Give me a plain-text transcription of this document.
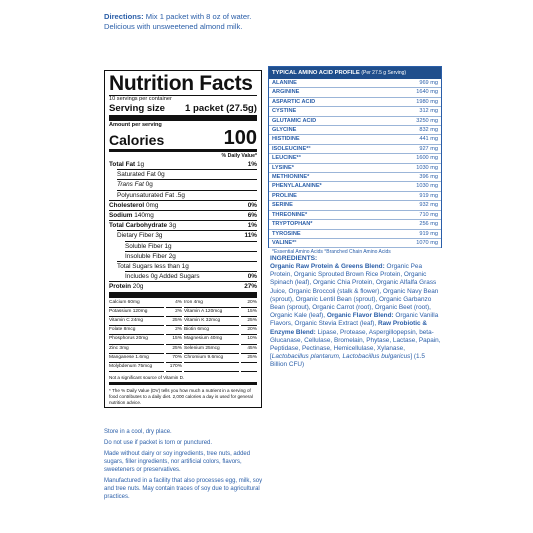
Directions: Mix 1 packet with 8 oz of water. Delicious with unsweetened almond milk.
Nutrition Facts
10 servings per container
Serving size 1 packet (27.5g)
Amount per serving
Calories	100
% Daily Value*
Total Fat 1g	1%
Saturated Fat 0g
Trans Fat 0g
Polyunsaturated Fat .5g
Cholesterol 0mg	0%
Sodium 140mg	6%
Total Carbohydrate 3g	1%
Dietary Fiber 3g	11%
Soluble Fiber 1g
Insoluble Fiber 2g
Total Sugars less than 1g
Includes 0g Added Sugars	0%
Protein 20g	27%
Calcium 60mg	4% Iron 4mg	20%
Potassium 120mg	2% Vitamin A 120mcg	15%
Vitamin C 24mg	25% Vitamin K 32mcg	25%
Folate 8mcg	2% Biotin 6mcg	20%
Phosphorus 20mg	15% Magnesium 40mg	10%
Zinc 3mg	25% Selenium 25mcg	45%
Manganese 1.6mg	70% Chromium 9.6mcg	25%
Molybdenum 75mcg	170%
Not a significant source of Vitamin D.
* The % Daily Value (DV) tells you how much a nutrient in a serving of food contributes to a daily diet. 2,000 calories a day is used for general nutrition advice.

Store in a cool, dry place.

Do not use if packet is torn or punctured.

Made without dairy or soy ingredients, tree nuts, added sugars, filler ingredients, nor artificial colors, flavors, sweeteners or preservatives.

Manufactured in a facility that also processes egg, milk, soy and tree nuts. May contain traces of soy due to agricultural practices.

TYPICAL AMINO ACID PROFILE (Per 27.5 g Serving)
ALANINE	969 mg
ARGININE	1640 mg
ASPARTIC ACID	1980 mg
CYSTINE	312 mg
GLUTAMIC ACID	3250 mg
GLYCINE	832 mg
HISTIDINE	441 mg
ISOLEUCINE*°	927 mg
LEUCINE*°	1600 mg
LYSINE*	1030 mg
METHIONINE*	396 mg
PHENYLALANINE*	1030 mg
PROLINE	919 mg
SERINE	932 mg
THREONINE*	710 mg
TRYPTOPHAN*	256 mg
TYROSINE	919 mg
VALINE*°	1070 mg
*Essential Amino Acids °Branched Chain Amino Acids
INGREDIENTS:
Organic Raw Protein & Greens Blend: Organic Pea Protein, Organic Sprouted Brown Rice Protein, Organic Spinach (leaf), Organic Chia Protein, Organic Alfalfa Grass Juice, Organic Broccoli (stalk & flower), Organic Navy Bean (sprout), Organic Lentil Bean (sprout), Organic Garbanzo Bean (sprout), Organic Carrot (root), Organic Beet (root), Organic Kale (leaf), Organic Flavor Blend: Organic Vanilla Flavors, Organic Stevia Extract (leaf), Raw Probiotic & Enzyme Blend: Lipase, Protease, Aspergillopepsin, beta-Glucanase, Cellulase, Bromelain, Phytase, Lactase, Papain, Peptidase, Pectinase, Hemicellulase, Xylanase, [Lactobacillus plantarum, Lactobacillus bulgaricus] (1.5 Billion CFU)
